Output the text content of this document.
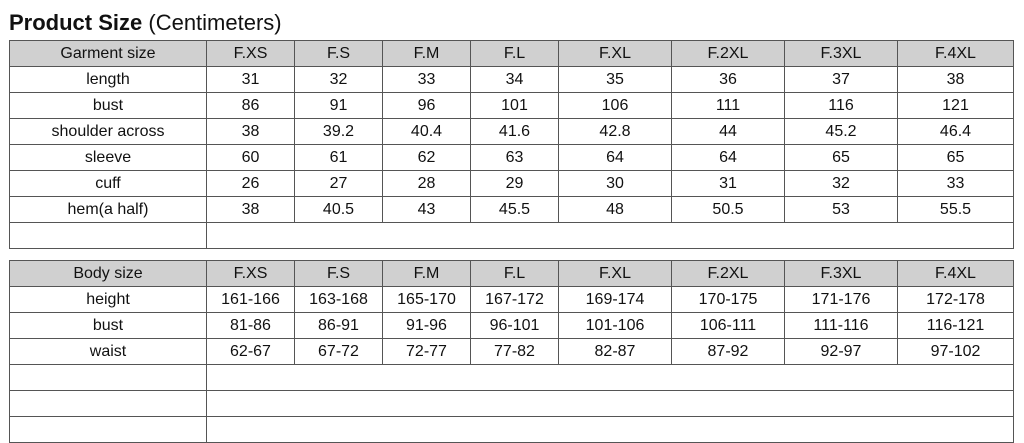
Product Size (Centimeters)
Garment size	F.XS	F.S	F.M	F.L	F.XL	F.2XL	F.3XL	F.4XL
length	31	32	33	34	35	36	37	38
bust	86	91	96	101	106	111	116	121
shoulder across	38	39.2	40.4	41.6	42.8	44	45.2	46.4
sleeve	60	61	62	63	64	64	65	65
cuff	26	27	28	29	30	31	32	33
hem(a half)	38	40.5	43	45.5	48	50.5	53	55.5

Body size	F.XS	F.S	F.M	F.L	F.XL	F.2XL	F.3XL	F.4XL
height	161-166	163-168	165-170	167-172	169-174	170-175	171-176	172-178
bust	81-86	86-91	91-96	96-101	101-106	106-111	111-116	116-121
waist	62-67	67-72	72-77	77-82	82-87	87-92	92-97	97-102
